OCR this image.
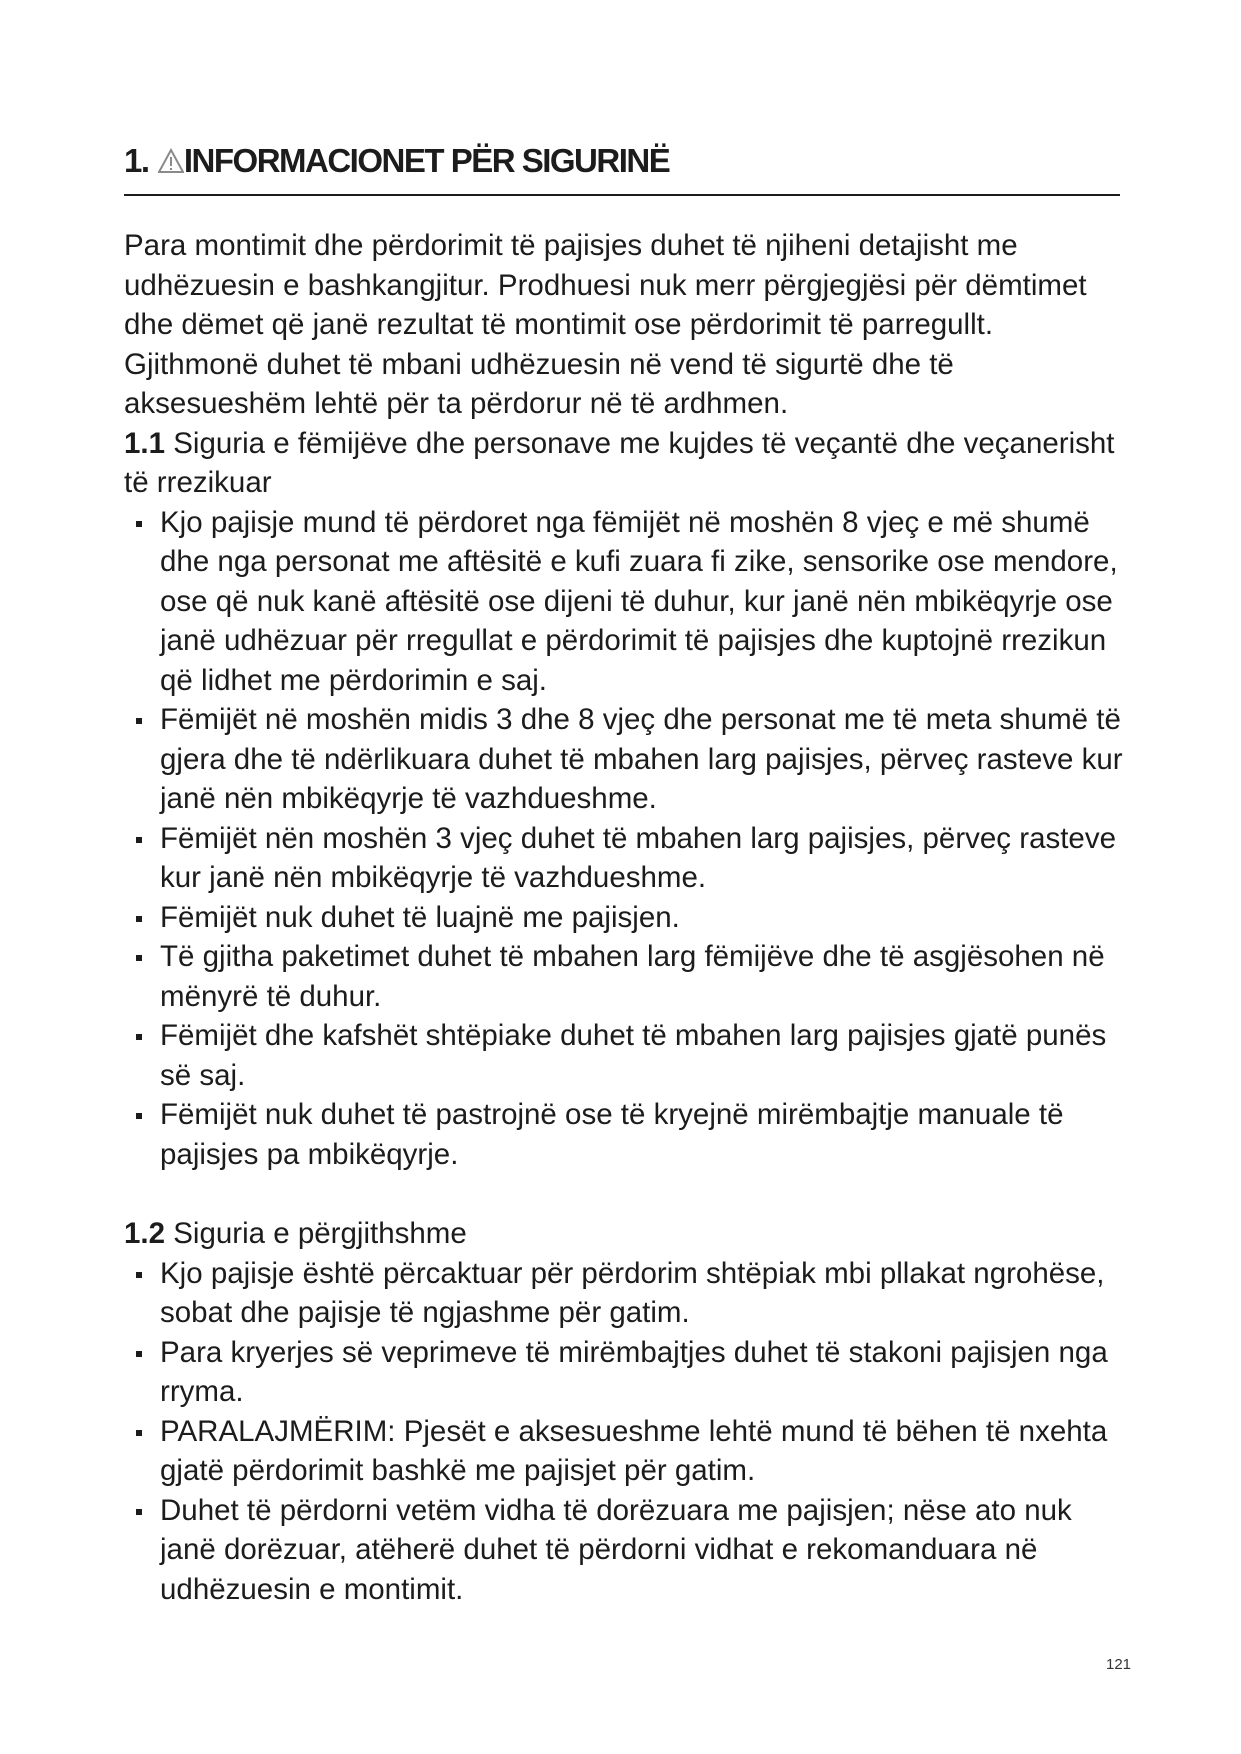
1. INFORMACIONET PËR SIGURINË

Para montimit dhe përdorimit të pajisjes duhet të njiheni detajisht me udhëzuesin e bashkangjitur. Prodhuesi nuk merr përgjegjësi për dëmtimet dhe dëmet që janë rezultat të montimit ose përdorimit të parregullt. Gjithmonë duhet të mbani udhëzuesin në vend të sigurtë dhe të aksesueshëm lehtë për ta përdorur në të ardhmen.

1.1 Siguria e fëmijëve dhe personave me kujdes të veçantë dhe veçanerisht të rrezikuar

Kjo pajisje mund të përdoret nga fëmijët në moshën 8 vjeç e më shumë dhe nga personat me aftësitë e kufi zuara fi zike, sensorike ose mendore, ose që nuk kanë aftësitë ose dijeni të duhur, kur janë nën mbikëqyrje ose janë udhëzuar për rregullat e përdorimit të pajisjes dhe kuptojnë rrezikun që lidhet me përdorimin e saj.
Fëmijët në moshën midis 3 dhe 8 vjeç dhe personat me të meta shumë të gjera dhe të ndërlikuara duhet të mbahen larg pajisjes, përveç rasteve kur janë nën mbikëqyrje të vazhdueshme.
Fëmijët nën moshën 3 vjeç duhet të mbahen larg pajisjes, përveç rasteve kur janë nën mbikëqyrje të vazhdueshme.
Fëmijët nuk duhet të luajnë me pajisjen.
Të gjitha paketimet duhet të mbahen larg fëmijëve dhe të asgjësohen në mënyrë të duhur.
Fëmijët dhe kafshët shtëpiake duhet të mbahen larg pajisjes gjatë punës së saj.
Fëmijët nuk duhet të pastrojnë ose të kryejnë mirëmbajtje manuale të pajisjes pa mbikëqyrje.

1.2 Siguria e përgjithshme

Kjo pajisje është përcaktuar për përdorim shtëpiak mbi pllakat ngrohëse, sobat dhe pajisje të ngjashme për gatim.
Para kryerjes së veprimeve të mirëmbajtjes duhet të stakoni pajisjen nga rryma.
PARALAJMËRIM: Pjesët e aksesueshme lehtë mund të bëhen të nxehta gjatë përdorimit bashkë me pajisjet për gatim.
Duhet të përdorni vetëm vidha të dorëzuara me pajisjen; nëse ato nuk janë dorëzuar, atëherë duhet të përdorni vidhat e rekomanduara në udhëzuesin e montimit.
121
